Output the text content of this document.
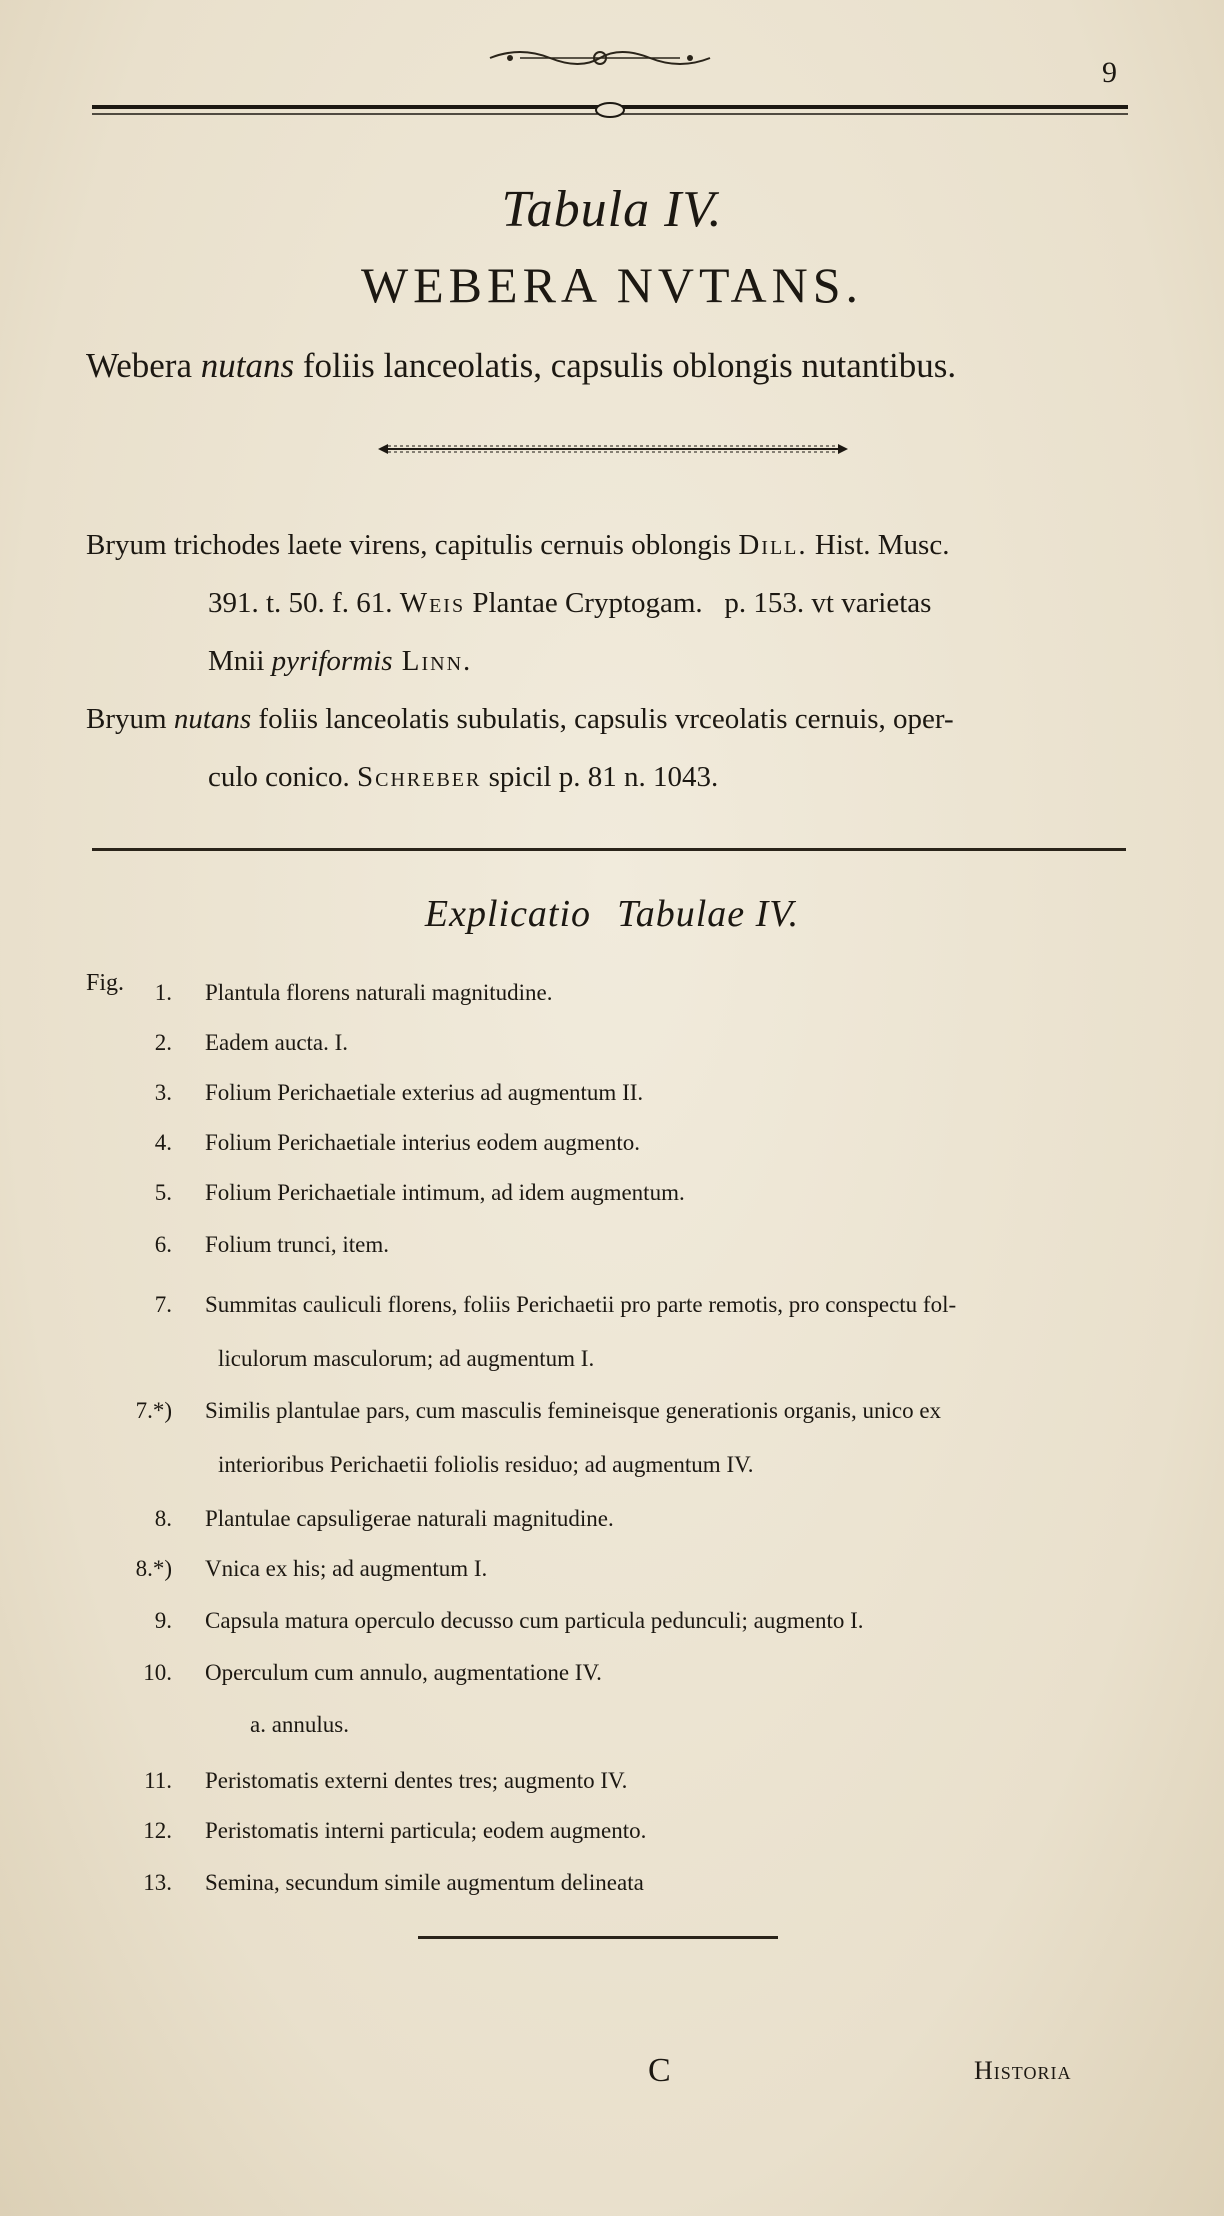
9
Tabula IV.
WEBERA NVTANS.
Webera nutans foliis lanceolatis, capsulis oblongis nutantibus.
Bryum trichodes laete virens, capitulis cernuis oblongis Dill. Hist. Musc.
391. t. 50. f. 61. Weis Plantae Cryptogam.   p. 153. vt varietas
Mnii pyriformis Linn.
Bryum nutans foliis lanceolatis subulatis, capsulis vrceolatis cernuis, oper-
culo conico. Schreber spicil p. 81 n. 1043.
Explicatio Tabulae IV.
Fig.	1. Plantula florens naturali magnitudine.
2. Eadem aucta. I.
3. Folium Perichaetiale exterius ad augmentum II.
4. Folium Perichaetiale interius eodem augmento.
5. Folium Perichaetiale intimum, ad idem augmentum.
6. Folium trunci, item.
7. Summitas cauliculi florens, foliis Perichaetii pro parte remotis, pro conspectu fol-
liculorum masculorum; ad augmentum I.
7.*) Similis plantulae pars, cum masculis femineisque generationis organis, unico ex
interioribus Perichaetii foliolis residuo; ad augmentum IV.
8. Plantulae capsuligerae naturali magnitudine.
8.*) Vnica ex his; ad augmentum I.
9. Capsula matura operculo decusso cum particula pedunculi; augmento I.
10. Operculum cum annulo, augmentatione IV.
a. annulus.
11. Peristomatis externi dentes tres; augmento IV.
12. Peristomatis interni particula; eodem augmento.
13. Semina, secundum simile augmentum delineata
C	Historia
